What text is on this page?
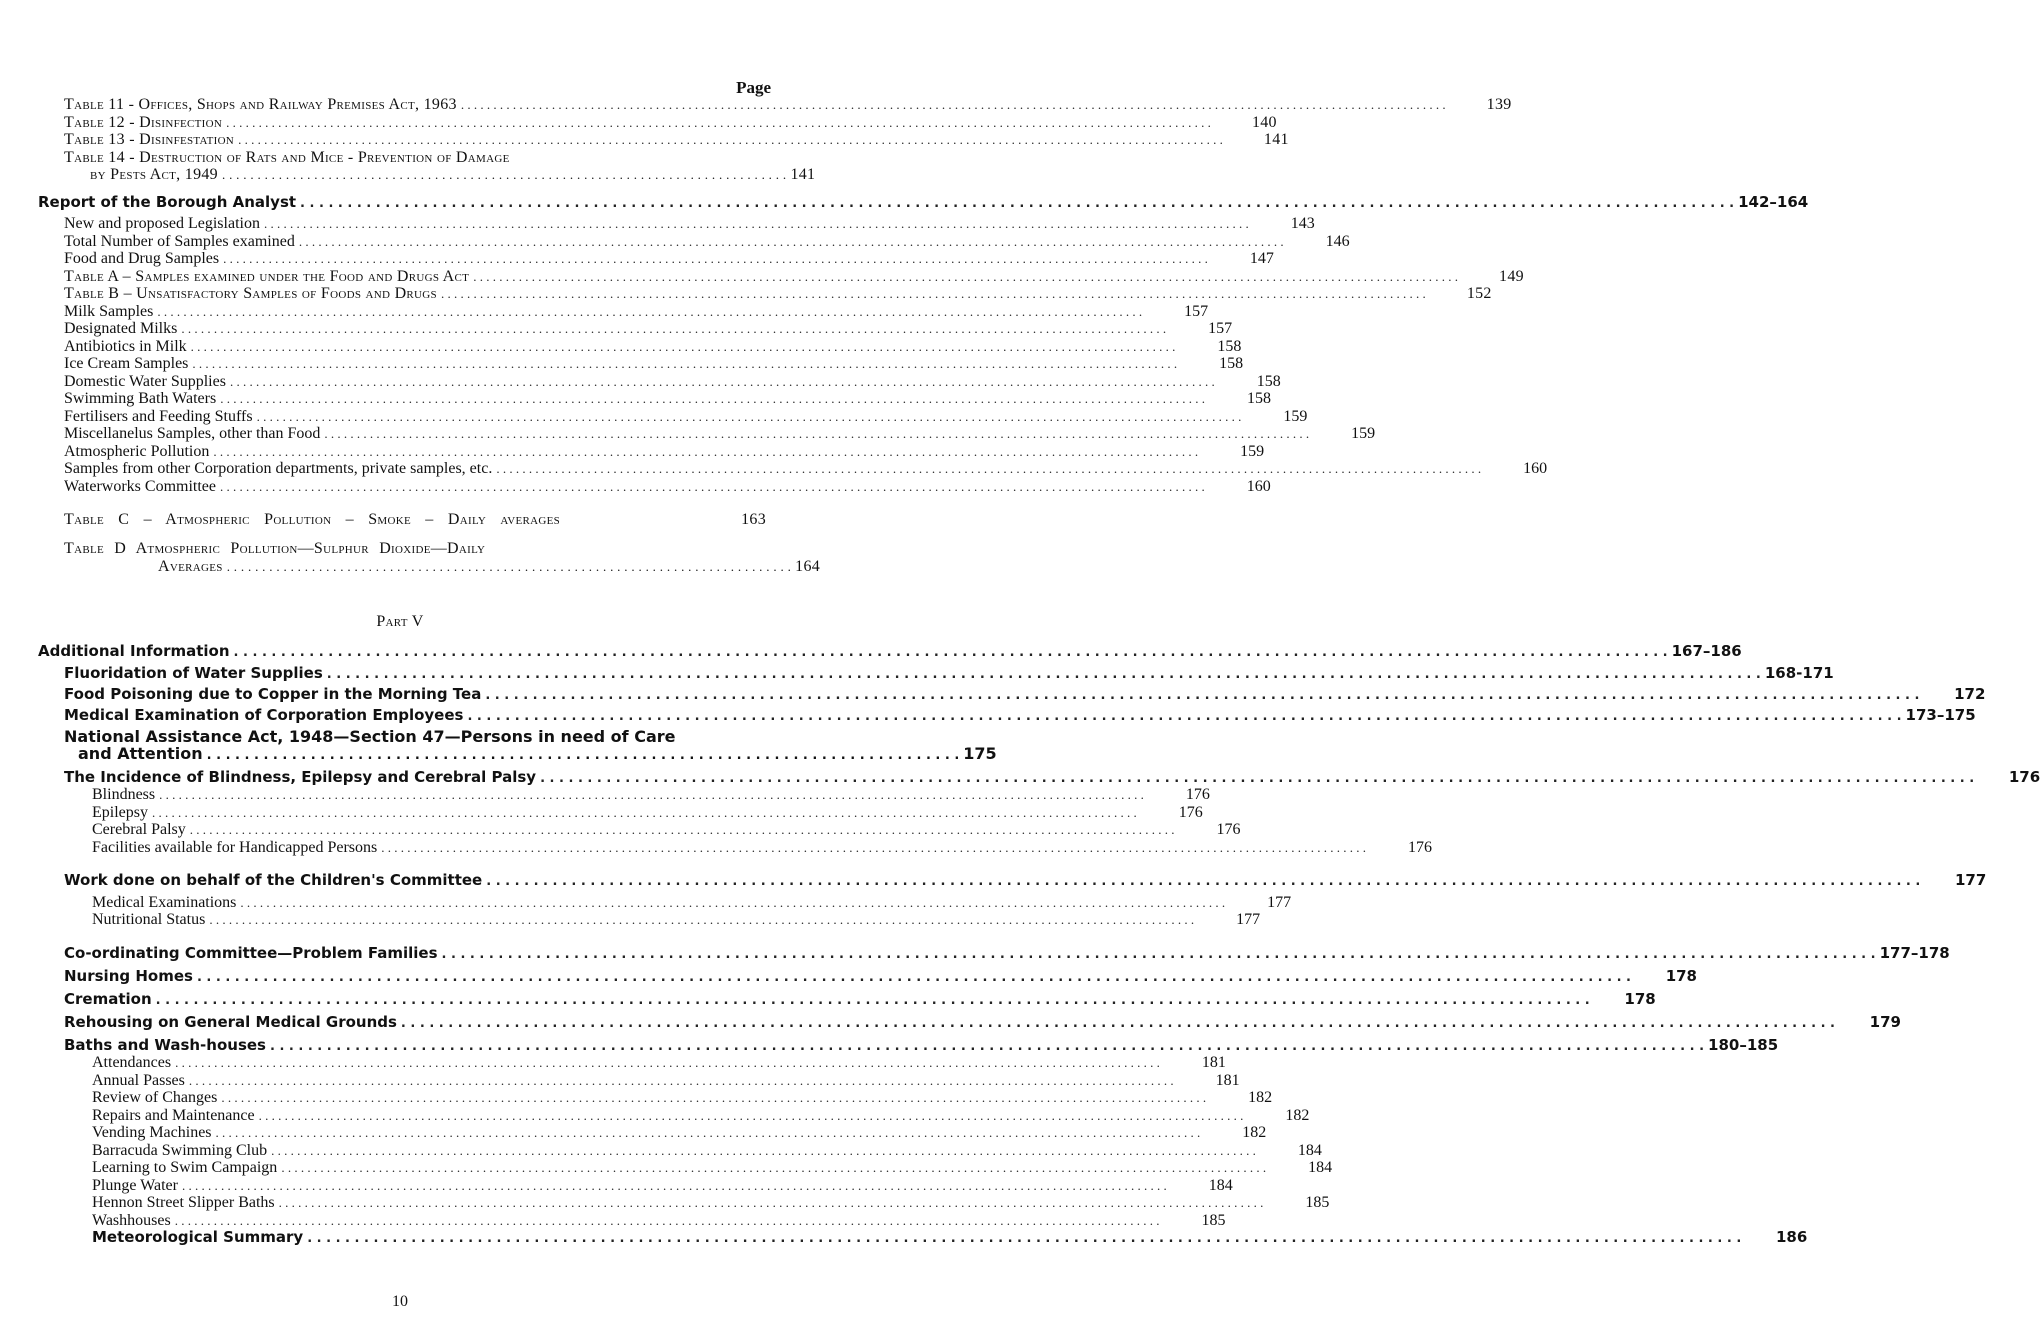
Page
Table 11 - Offices, Shops and Railway Premises Act, 1963 . . .	139
Table 12 - Disinfection . . .	140
Table 13 - Disinfestation . . .	141
Table 14 - Destruction of Rats and Mice - Prevention of Damage
by Pests Act, 1949 . . .	141
Report of the Borough Analyst . . .	142–164
New and proposed Legislation . . .	143
Total Number of Samples examined . . .	146
Food and Drug Samples . . .	147
Table A – Samples examined under the Food and Drugs Act . . .	149
Table B – Unsatisfactory Samples of Foods and Drugs . . .	152
Milk Samples . . .	157
Designated Milks . . .	157
Antibiotics in Milk . . .	158
Ice Cream Samples . . .	158
Domestic Water Supplies . . .	158
Swimming Bath Waters . . .	158
Fertilisers and Feeding Stuffs . . .	159
Miscellanelus Samples, other than Food . . .	159
Atmospheric Pollution . . .	159
Samples from other Corporation departments, private samples, etc. . . .	160
Waterworks Committee . . .	160
Table C – Atmospheric Pollution – Smoke – Daily averages	163
Table D Atmospheric Pollution—Sulphur Dioxide—Daily
Averages . . .	164
Part V
Additional Information . . .	167–186
Fluoridation of Water Supplies . . .	168-171
Food Poisoning due to Copper in the Morning Tea . . .	172
Medical Examination of Corporation Employees . . .	173–175
National Assistance Act, 1948—Section 47—Persons in need of Care
and Attention . . .	175
The Incidence of Blindness, Epilepsy and Cerebral Palsy . . .	176
Blindness . . .	176
Epilepsy . . .	176
Cerebral Palsy . . .	176
Facilities available for Handicapped Persons . . .	176
Work done on behalf of the Children's Committee . . .	177
Medical Examinations . . .	177
Nutritional Status . . .	177
Co-ordinating Committee—Problem Families . . .	177–178
Nursing Homes . . .	178
Cremation . . .	178
Rehousing on General Medical Grounds . . .	179
Baths and Wash-houses . . .	180–185
Attendances . . .	181
Annual Passes . . .	181
Review of Changes . . .	182
Repairs and Maintenance . . .	182
Vending Machines . . .	182
Barracuda Swimming Club . . .	184
Learning to Swim Campaign . . .	184
Plunge Water . . .	184
Hennon Street Slipper Baths . . .	185
Washhouses . . .	185
Meteorological Summary . . .	186
10
